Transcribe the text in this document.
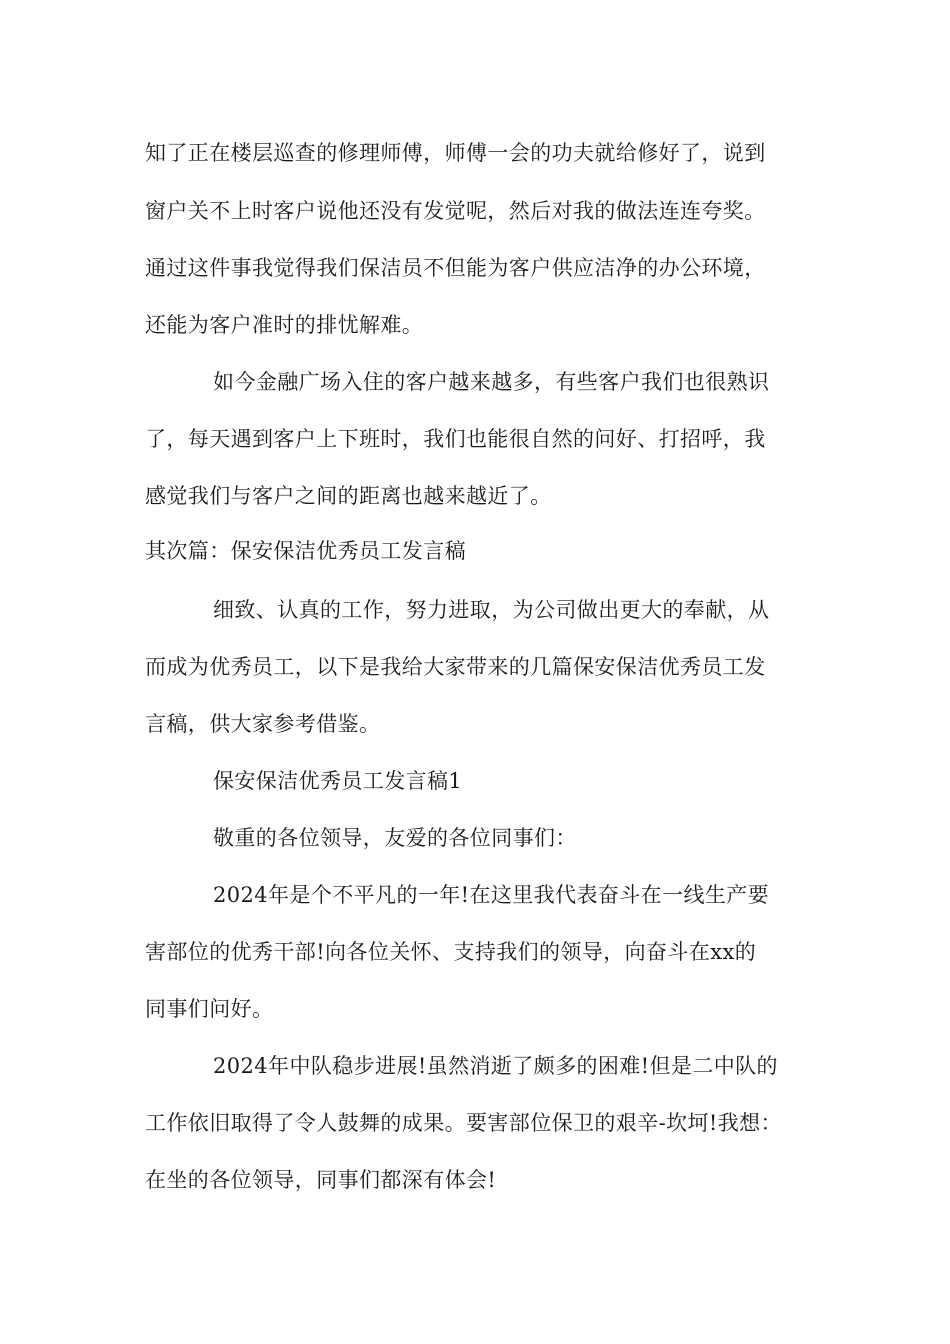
知了正在楼层巡查的修理师傅，师傅一会的功夫就给修好了，说到
窗户关不上时客户说他还没有发觉呢，然后对我的做法连连夸奖。
通过这件事我觉得我们保洁员不但能为客户供应洁净的办公环境，
还能为客户准时的排忧解难。
如今金融广场入住的客户越来越多，有些客户我们也很熟识
了，每天遇到客户上下班时，我们也能很自然的问好、打招呼，我
感觉我们与客户之间的距离也越来越近了。
其次篇：保安保洁优秀员工发言稿
细致、认真的工作，努力进取，为公司做出更大的奉献，从
而成为优秀员工，以下是我给大家带来的几篇保安保洁优秀员工发
言稿，供大家参考借鉴。
保安保洁优秀员工发言稿1
敬重的各位领导，友爱的各位同事们：
2024年是个不平凡的一年!在这里我代表奋斗在一线生产要
害部位的优秀干部!向各位关怀、支持我们的领导，向奋斗在xx的
同事们问好。
2024年中队稳步进展!虽然消逝了颇多的困难!但是二中队的
工作依旧取得了令人鼓舞的成果。要害部位保卫的艰辛-坎坷!我想：
在坐的各位领导，同事们都深有体会!
